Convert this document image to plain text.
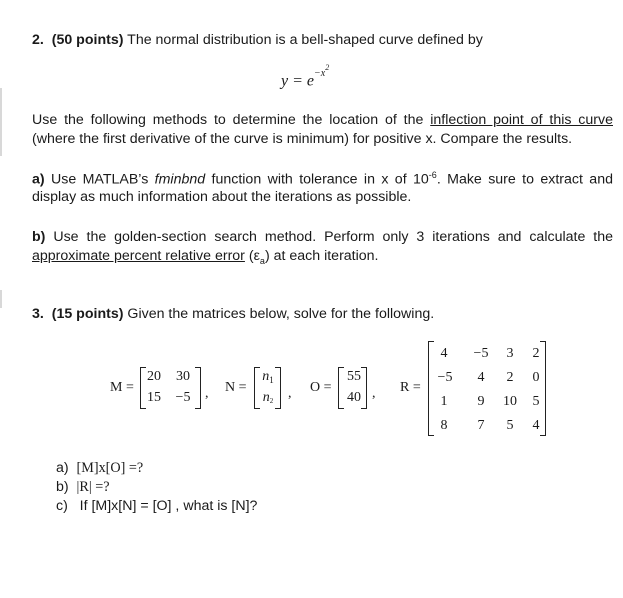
2. (50 points) The normal distribution is a bell-shaped curve defined by
$y = e^{-x^2}$
Use the following methods to determine the location of the inflection point of this curve
(where the first derivative of the curve is minimum) for positive x. Compare the results.
a) Use MATLAB’s fminbnd function with tolerance in x of $10^{-6}$. Make sure to extract and
display as much information about the iterations as possible.
b) Use the golden-section search method. Perform only 3 iterations and calculate the
approximate percent relative error $(\varepsilon_a)$ at each iteration.
3. (15 points) Given the matrices below, solve for the following.
M =
20 30
15 −5 , N =
$n_1$
n2	, O =
55
40 , R =
4	−5	3	2
−5	4	2	0
1	9	10	5
8	7	5	4
a) [M]x[O] =?
b) |R| =?
c) If [M]x[N] = [O] , what is [N]?
